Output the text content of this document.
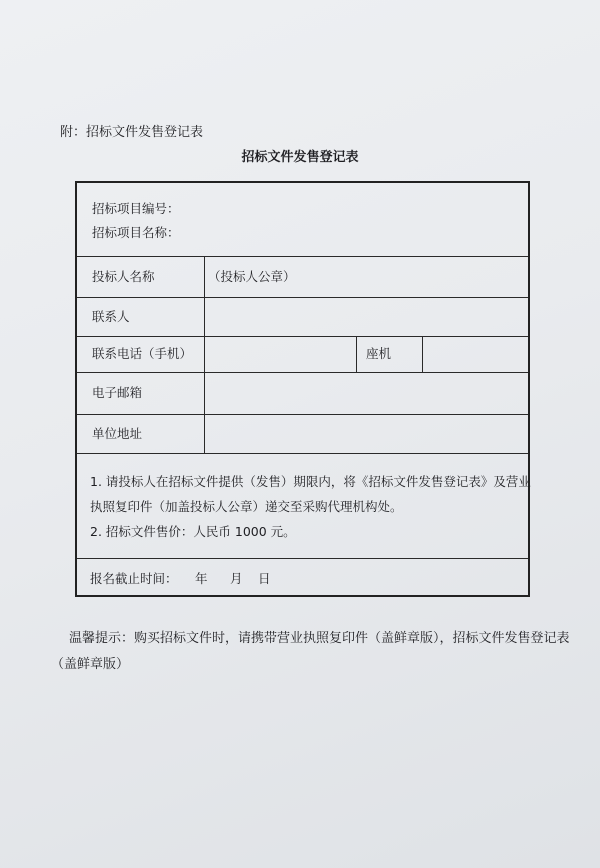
附：招标文件发售登记表
招标文件发售登记表
招标项目编号：
招标项目名称：
投标人名称	（投标人公章）
联系人
联系电话（手机）	座机
电子邮箱
单位地址
1. 请投标人在招标文件提供（发售）期限内，将《招标文件发售登记表》及营业
执照复印件（加盖投标人公章）递交至采购代理机构处。
2. 招标文件售价：人民币 1000 元。
报名截止时间： 年 月 日
温馨提示：购买招标文件时，请携带营业执照复印件（盖鲜章版），招标文件发售登记表
（盖鲜章版）
